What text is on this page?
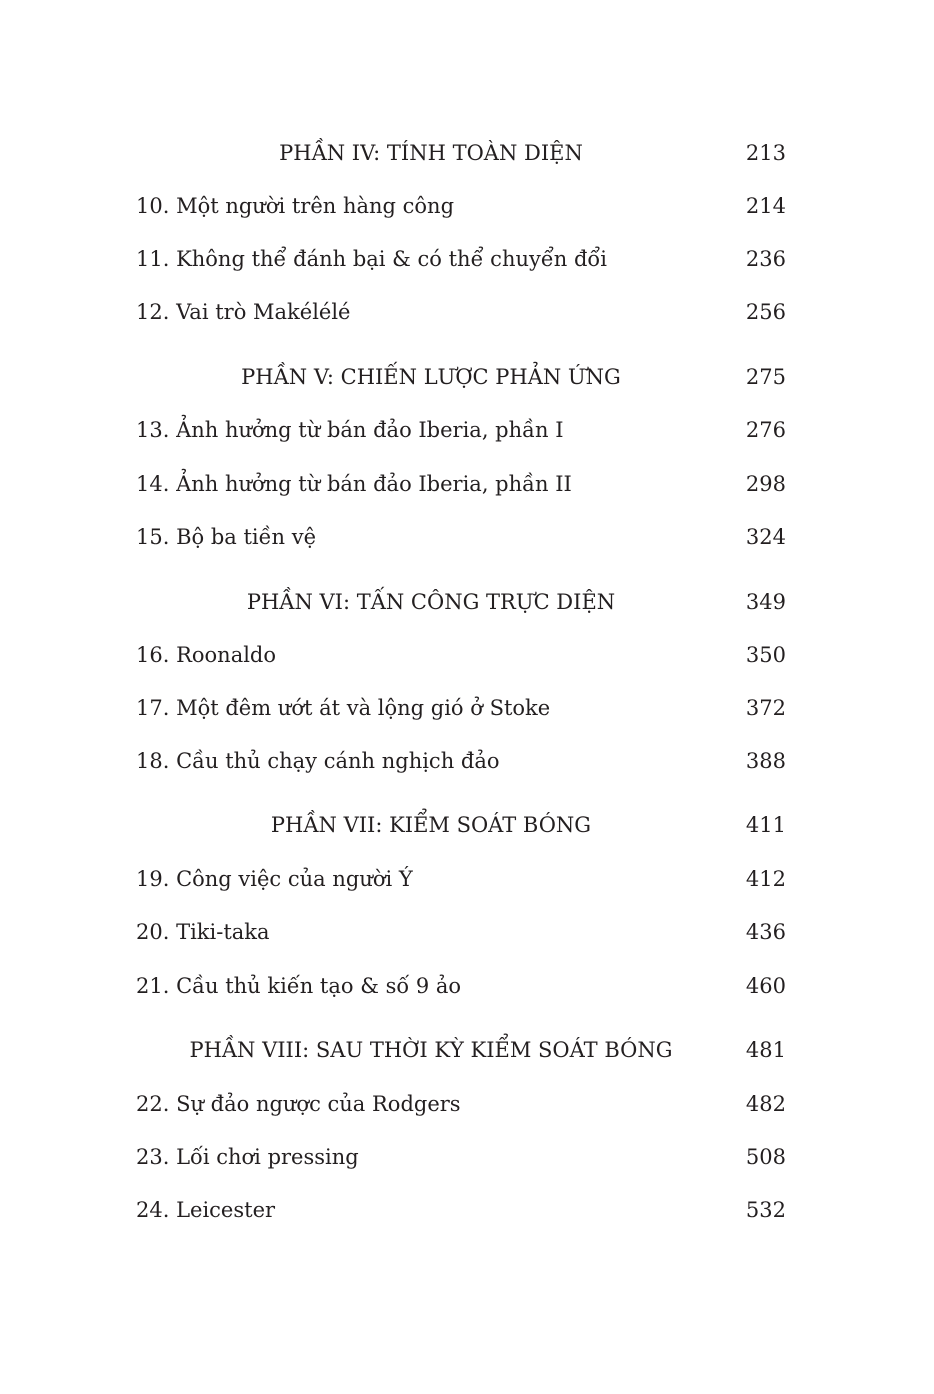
PHẦN IV: TÍNH TOÀN DIỆN	213
10. Một người trên hàng công	214
11. Không thể đánh bại & có thể chuyển đổi	236
12. Vai trò Makélélé	256
PHẦN V: CHIẾN LƯỢC PHẢN ỨNG	275
13. Ảnh hưởng từ bán đảo Iberia, phần I	276
14. Ảnh hưởng từ bán đảo Iberia, phần II	298
15. Bộ ba tiền vệ	324
PHẦN VI: TẤN CÔNG TRỰC DIỆN	349
16. Roonaldo	350
17. Một đêm ướt át và lộng gió ở Stoke	372
18. Cầu thủ chạy cánh nghịch đảo	388
PHẦN VII: KIỂM SOÁT BÓNG	411
19. Công việc của người Ý	412
20. Tiki-taka	436
21. Cầu thủ kiến tạo & số 9 ảo	460
PHẦN VIII: SAU THỜI KỲ KIỂM SOÁT BÓNG	481
22. Sự đảo ngược của Rodgers	482
23. Lối chơi pressing	508
24. Leicester	532
